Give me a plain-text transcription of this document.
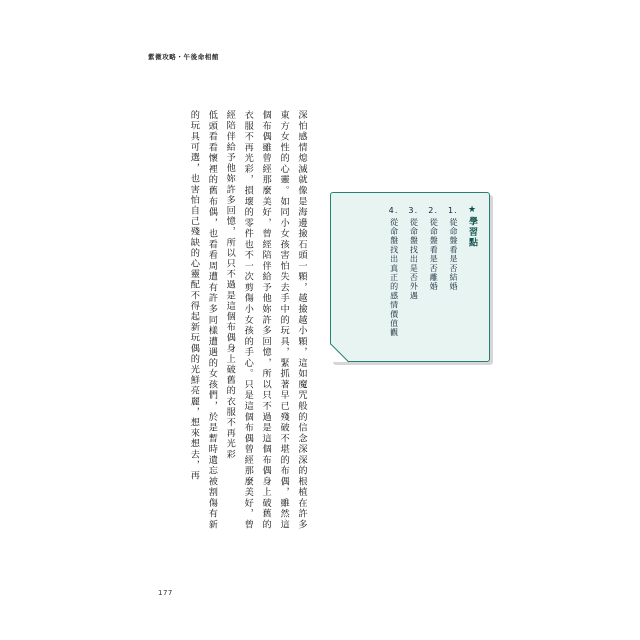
紫微攻略・午後命相館

深怕感情熄滅就像是海邊撿石頭一顆，越撿越小顆，這如魔咒般的信念深深的根植在許多東方女性的心靈。如同小女孩害怕失去手中的玩具，緊抓著早已殘破不堪的布偶，雖然這個布偶雖曾經那麼美好，曾經陪伴給予他妳許多回憶，所以只不過是這個布偶身上破舊的衣服不再光彩，損壞的零件也不一次剪傷小女孩的手心。只是這個布偶曾經那麼美好，曾經陪伴給予他妳許多回憶，所以只不過是這個布偶身上破舊的衣服不再光彩

低頭看看懷裡的舊布偶，也看看周遭有許多同樣遭遇的女孩們，於是暫時遺忘被割傷有新的玩具可選，也害怕自己殘缺的心靈配不得起新玩偶的光鮮亮麗，想來想去，再	★學習點
1.從命盤看是否結婚
2.從命盤看是否離婚
3.從命盤找出是否外遇
4.從命盤找出真正的感情價值觀
177
